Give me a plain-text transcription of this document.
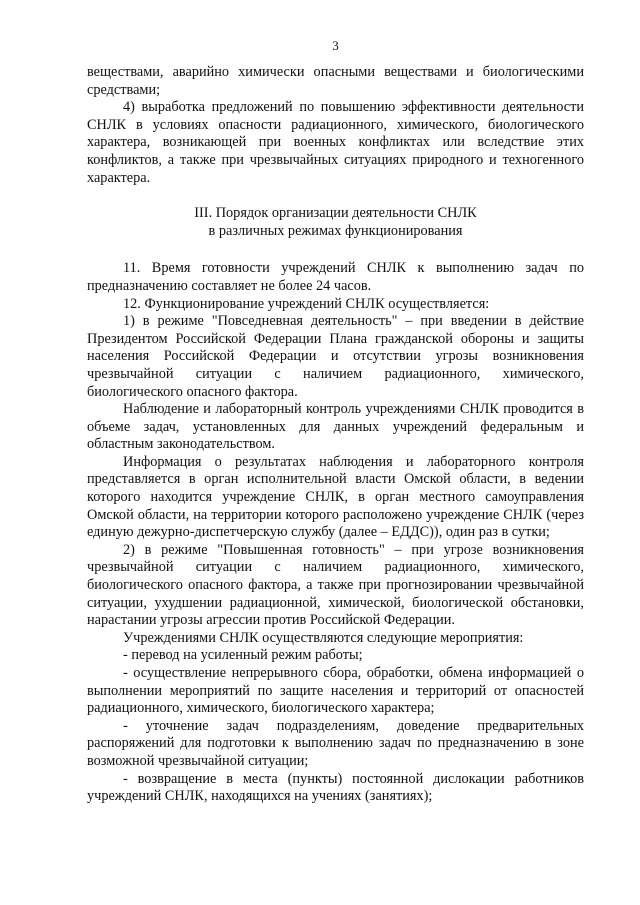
3

веществами, аварийно химически опасными веществами и биологическими средствами;

4) выработка предложений по повышению эффективности деятельности СНЛК в условиях опасности радиационного, химического, биологического характера, возникающей при военных конфликтах или вследствие этих конфликтов, а также при чрезвычайных ситуациях природного и техногенного характера.

III. Порядок организации деятельности СНЛК
в различных режимах функционирования

11. Время готовности учреждений СНЛК к выполнению задач по предназначению составляет не более 24 часов.

12. Функционирование учреждений СНЛК осуществляется:

1) в режиме "Повседневная деятельность" – при введении в действие Президентом Российской Федерации Плана гражданской обороны и защиты населения Российской Федерации и отсутствии угрозы возникновения чрезвычайной ситуации с наличием радиационного, химического, биологического опасного фактора.

Наблюдение и лабораторный контроль учреждениями СНЛК проводится в объеме задач, установленных для данных учреждений федеральным и областным законодательством.

Информация о результатах наблюдения и лабораторного контроля представляется в орган исполнительной власти Омской области, в ведении которого находится учреждение СНЛК, в орган местного самоуправления Омской области, на территории которого расположено учреждение СНЛК (через единую дежурно-диспетчерскую службу (далее – ЕДДС)), один раз в сутки;

2) в режиме "Повышенная готовность" – при угрозе возникновения чрезвычайной ситуации с наличием радиационного, химического, биологического опасного фактора, а также при прогнозировании чрезвычайной ситуации, ухудшении радиационной, химической, биологической обстановки, нарастании угрозы агрессии против Российской Федерации.

Учреждениями СНЛК осуществляются следующие мероприятия:

- перевод на усиленный режим работы;

- осуществление непрерывного сбора, обработки, обмена информацией о выполнении мероприятий по защите населения и территорий от опасностей радиационного, химического, биологического характера;

- уточнение задач подразделениям, доведение предварительных распоряжений для подготовки к выполнению задач по предназначению в зоне возможной чрезвычайной ситуации;

- возвращение в места (пункты) постоянной дислокации работников учреждений СНЛК, находящихся на учениях (занятиях);
